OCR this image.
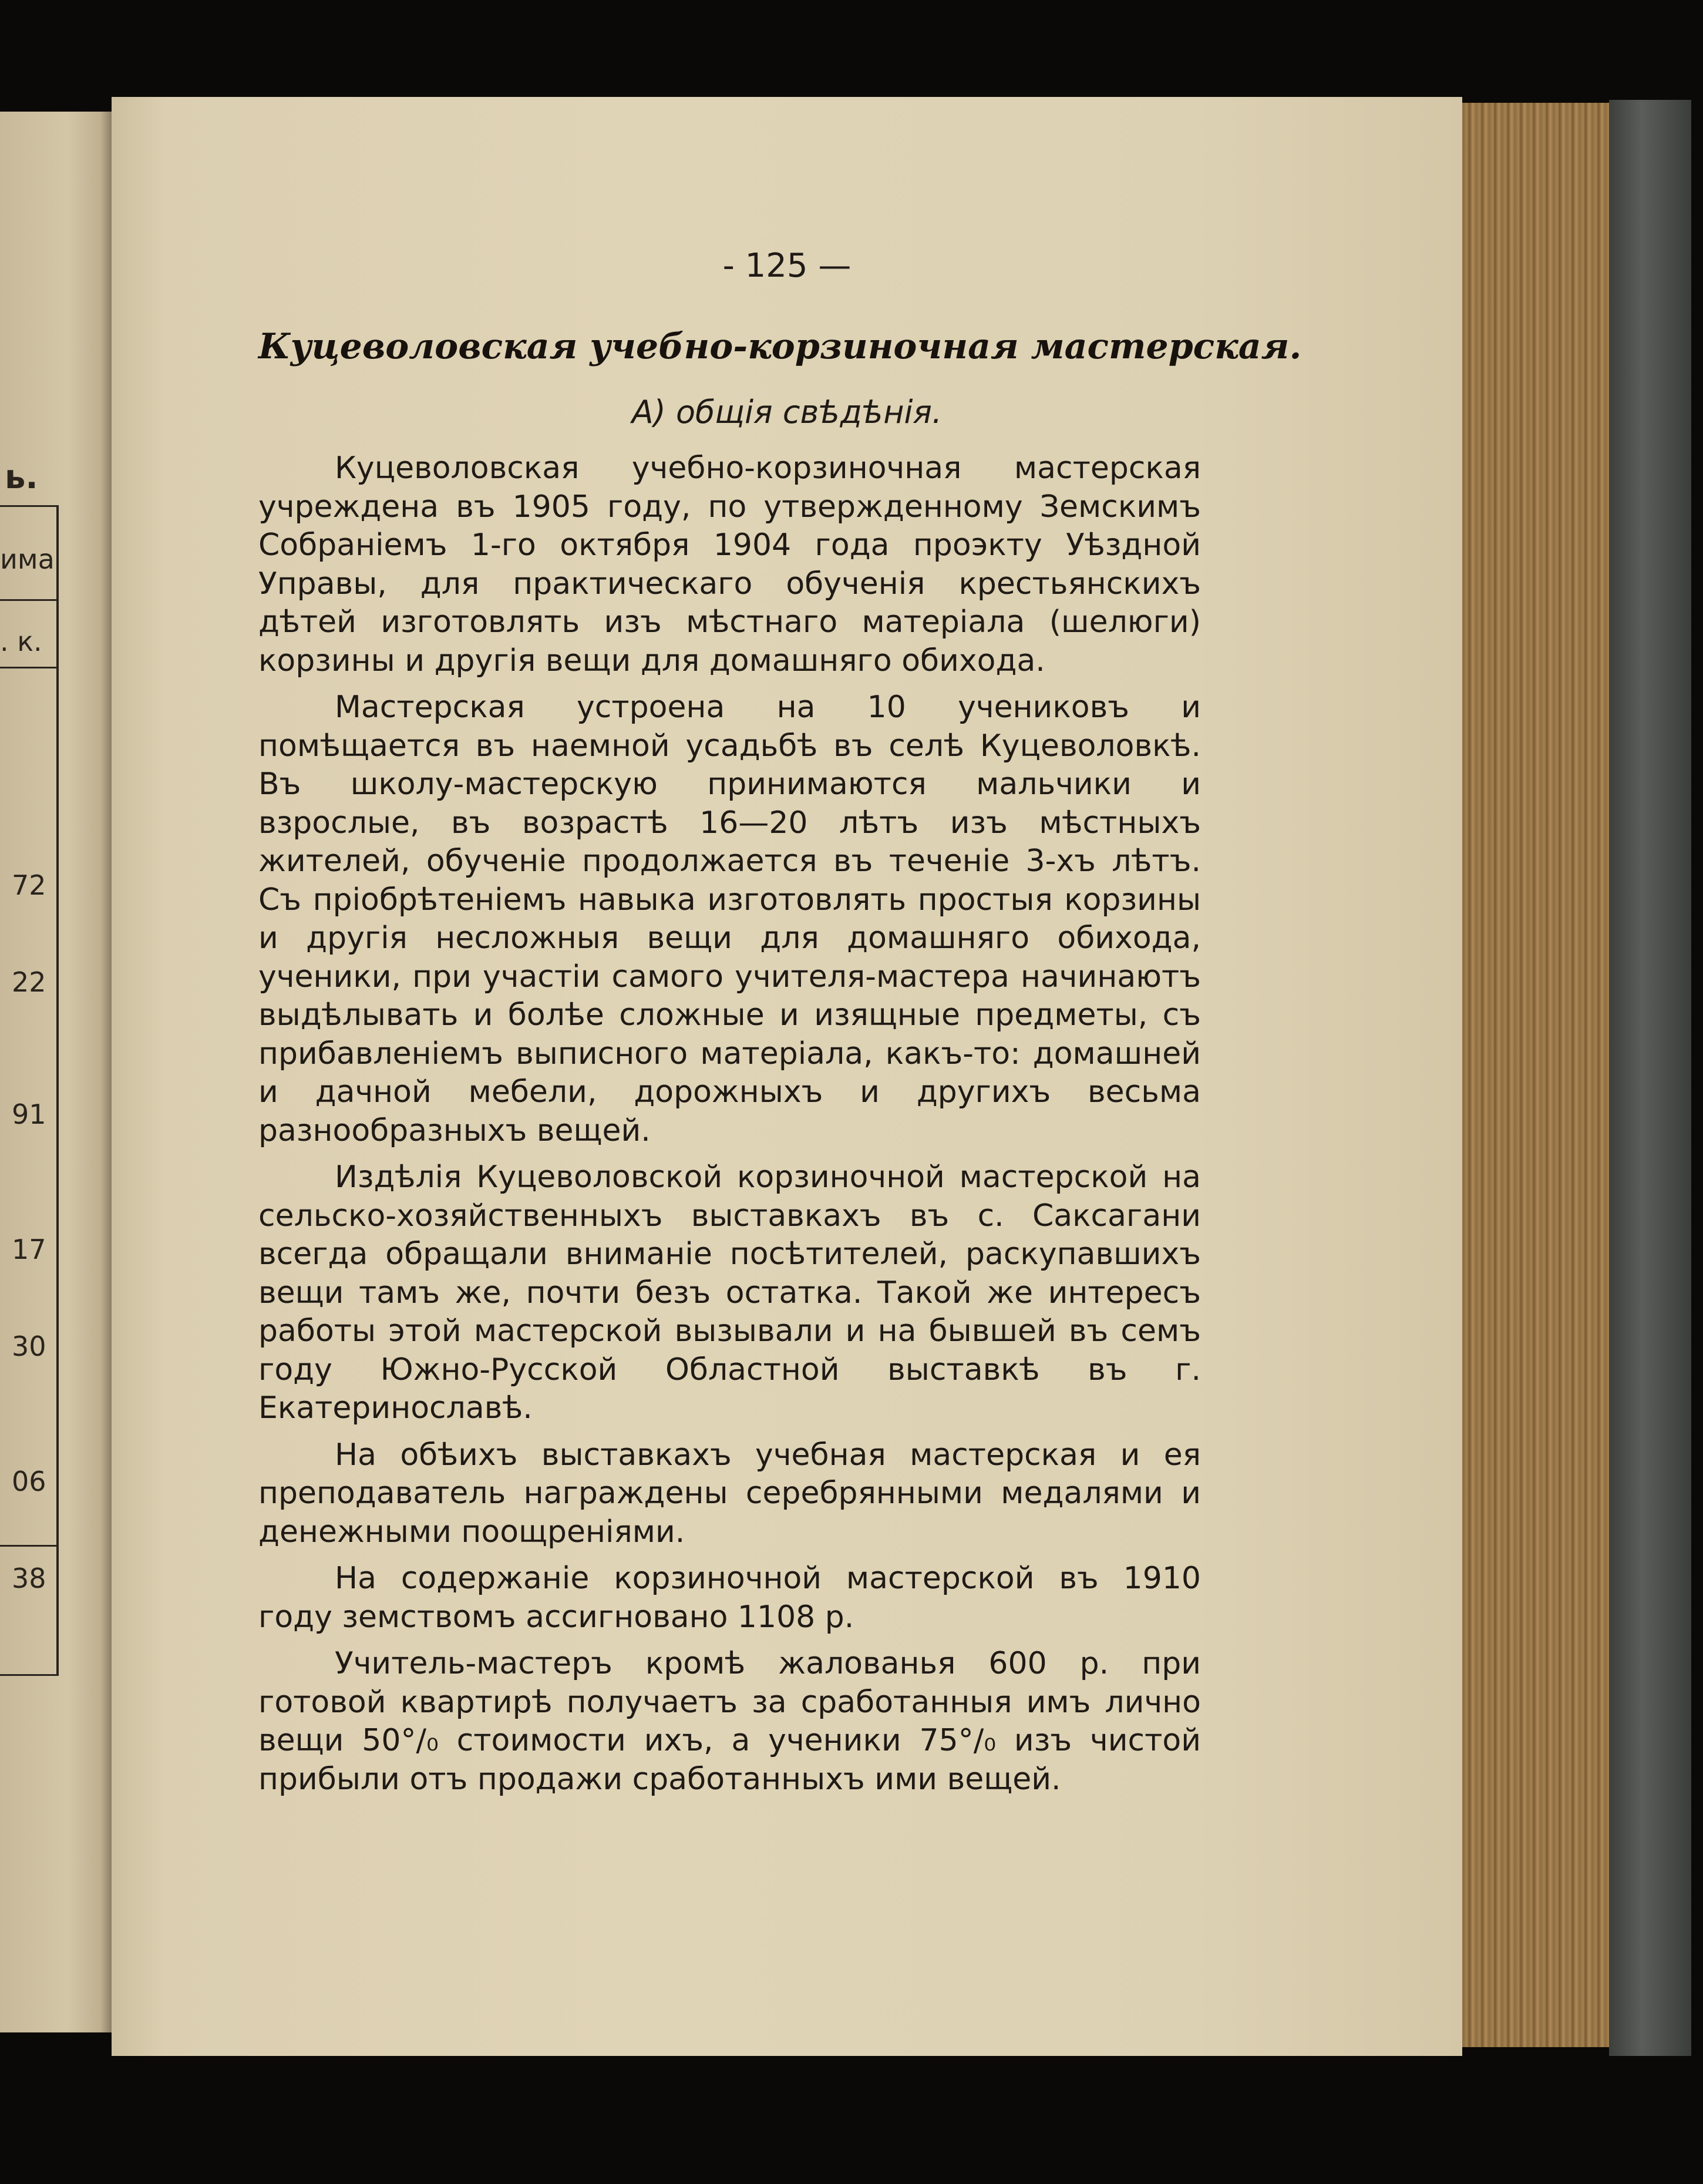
ь.
има
. к.
72
22
91
17
30
06
38
- 125 —
Куцеволовская учебно-корзиночная мастерская.
А) общія свѣдѣнія.

Куцеволовская учебно-корзиночная мастерская учреждена въ 1905 году, по утвержденному Земскимъ Собраніемъ 1-го октября 1904 года проэкту Уѣздной Управы, для практическаго обученія крестьянскихъ дѣтей изготовлять изъ мѣстнаго матеріала (шелюги) корзины и другія вещи для домашняго обихода.

Мастерская устроена на 10 учениковъ и помѣщается въ наемной усадьбѣ въ селѣ Куцеволовкѣ. Въ школу-мастерскую принимаются мальчики и взрослые, въ возрастѣ 16—20 лѣтъ изъ мѣстныхъ жителей, обученіе продолжается въ теченіе 3-хъ лѣтъ. Съ пріобрѣтеніемъ навыка изготовлять простыя корзины и другія несложныя вещи для домашняго обихода, ученики, при участіи самого учителя-мастера начинаютъ выдѣлывать и болѣе сложные и изящные предметы, съ прибавленіемъ выписного матеріала, какъ-то: домашней и дачной мебели, дорожныхъ и другихъ весьма разнообразныхъ вещей.

Издѣлія Куцеволовской корзиночной мастерской на сельско-хозяйственныхъ выставкахъ въ с. Саксагани всегда обращали вниманіе посѣтителей, раскупавшихъ вещи тамъ же, почти безъ остатка. Такой же интересъ работы этой мастерской вызывали и на бывшей въ семъ году Южно-Русской Областной выставкѣ въ г. Екатеринославѣ.

На обѣихъ выставкахъ учебная мастерская и ея преподаватель награждены серебрянными медалями и денежными поощреніями.

На содержаніе корзиночной мастерской въ 1910 году земствомъ ассигновано 1108 р.

Учитель-мастеръ кромѣ жалованья 600 р. при готовой квартирѣ получаетъ за сработанныя имъ лично вещи 50°/₀ стоимости ихъ, а ученики 75°/₀ изъ чистой прибыли отъ продажи сработанныхъ ими вещей.
